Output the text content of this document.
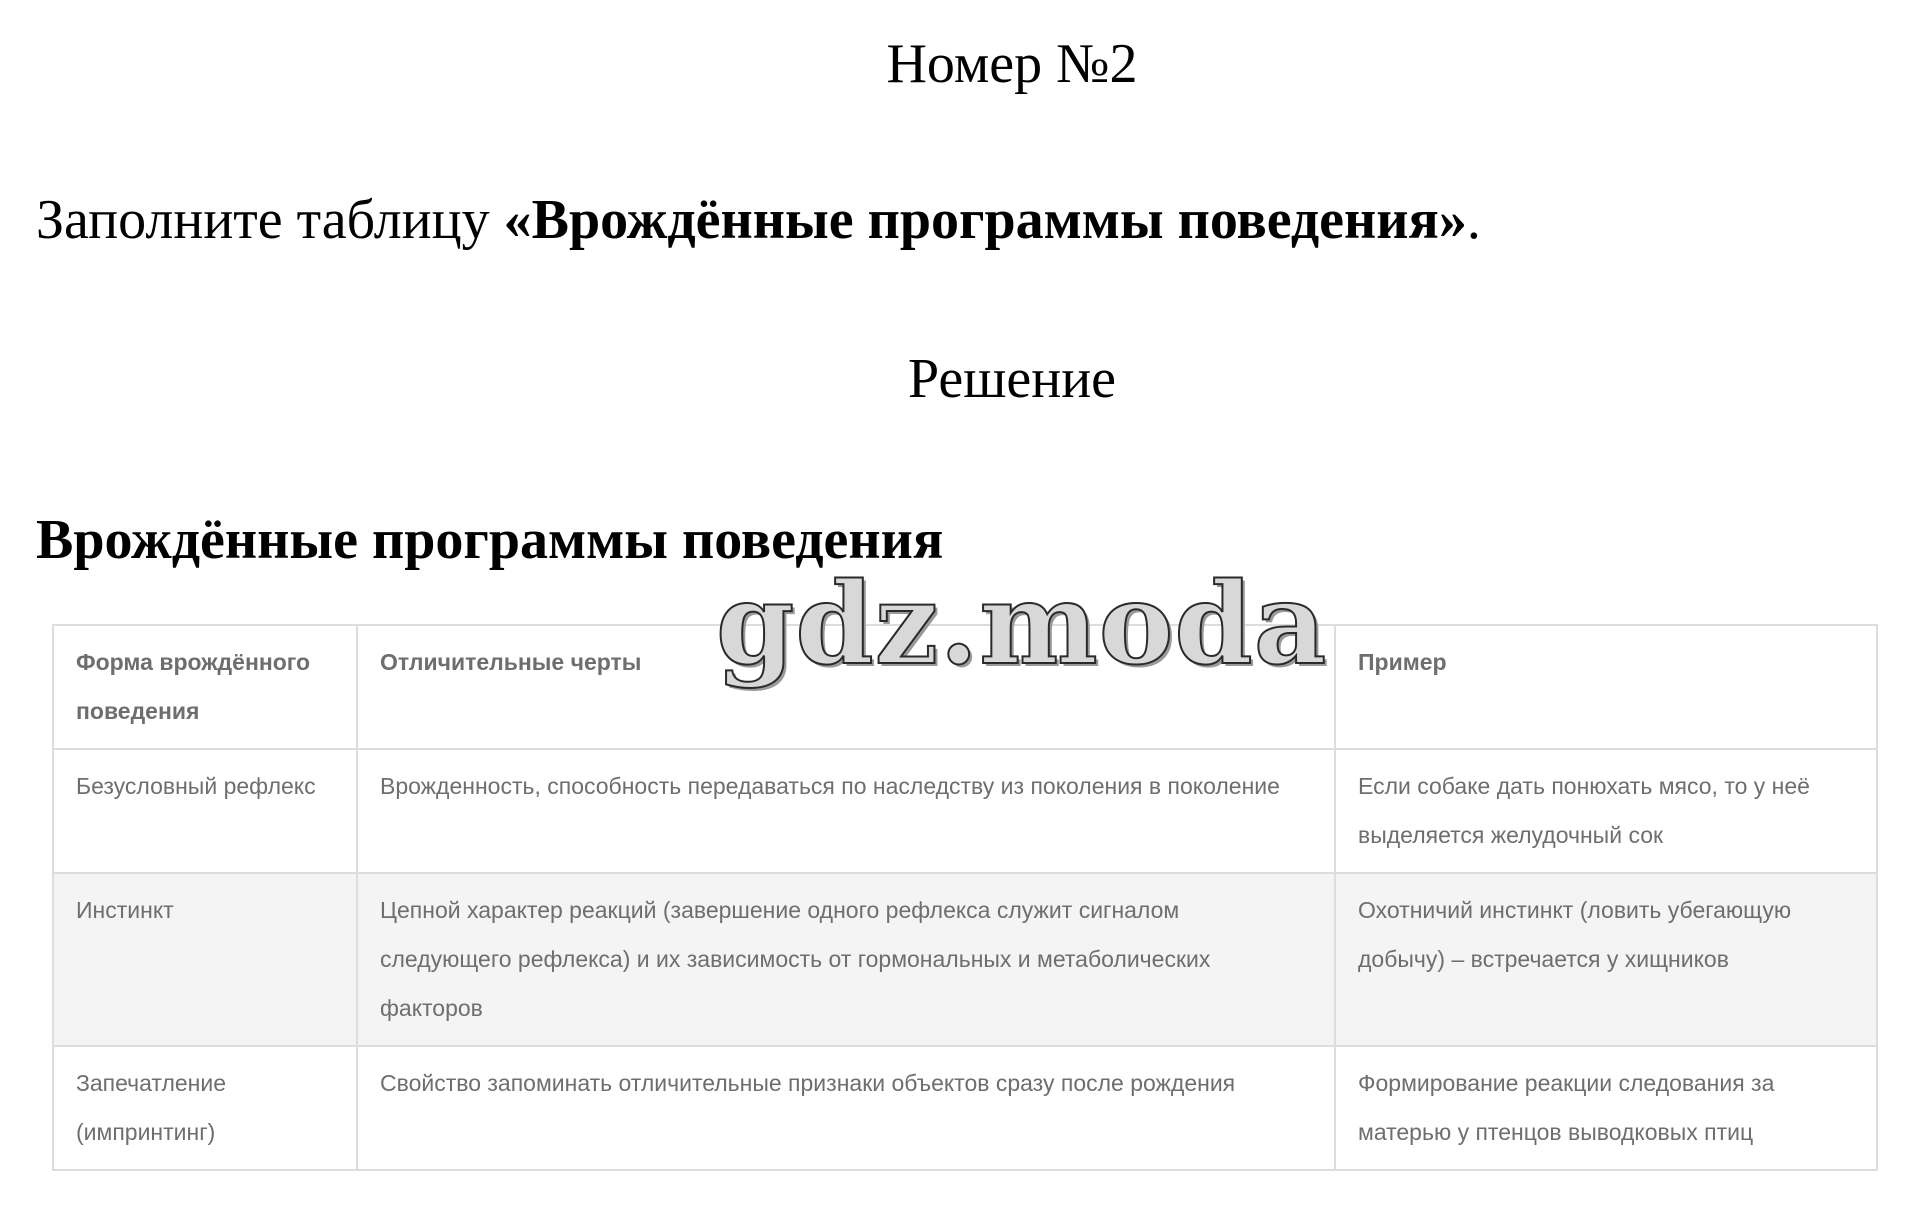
Номер №2
Заполните таблицу «Врождённые программы поведения».
Решение
Врождённые программы поведения
Форма врождённого поведения	Отличительные черты	Пример
Безусловный рефлекс	Врожденность, способность передаваться по наследству из поколения в поколение	Если собаке дать понюхать мясо, то у неё выделяется желудочный сок
Инстинкт	Цепной характер реакций (завершение одного рефлекса служит сигналом следующего рефлекса) и их зависимость от гормональных и метаболических факторов	Охотничий инстинкт (ловить убегающую добычу) – встречается у хищников
Запечатление (импринтинг)	Свойство запоминать отличительные признаки объектов сразу после рождения	Формирование реакции следования за матерью у птенцов выводковых птиц
gdz.moda
